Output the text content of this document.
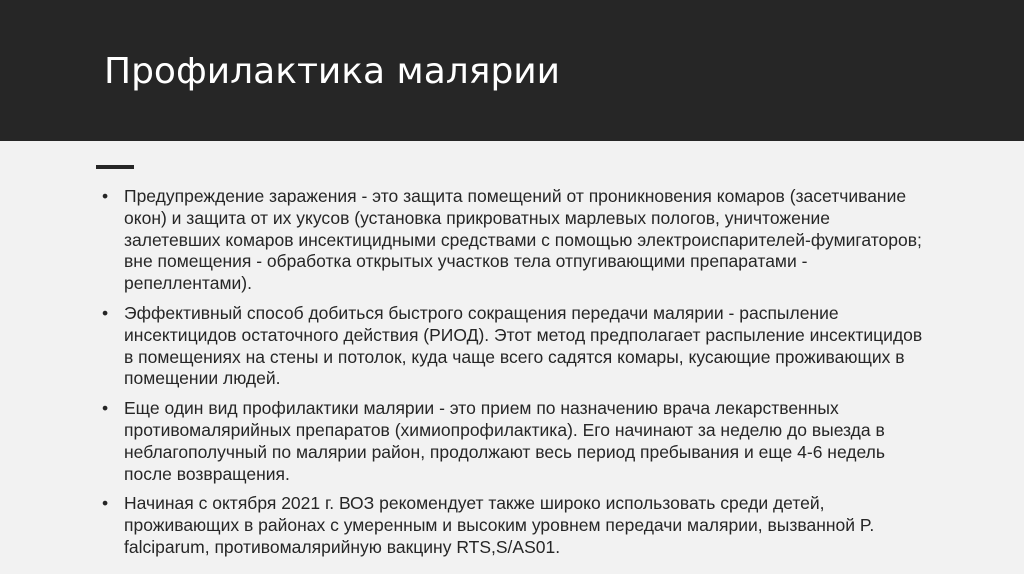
Профилактика малярии
• Предупреждение заражения - это защита помещений от проникновения комаров (засетчивание окон) и защита от их укусов (установка прикроватных марлевых пологов, уничтожение залетевших комаров инсектицидными средствами с помощью электроиспарителей-фумигаторов; вне помещения - обработка открытых участков тела отпугивающими препаратами - репеллентами).
• Эффективный способ добиться быстрого сокращения передачи малярии - распыление инсектицидов остаточного действия (РИОД). Этот метод предполагает распыление инсектицидов в помещениях на стены и потолок, куда чаще всего садятся комары, кусающие проживающих в помещении людей.
• Еще один вид профилактики малярии - это прием по назначению врача лекарственных противомалярийных препаратов (химиопрофилактика). Его начинают за неделю до выезда в неблагополучный по малярии район, продолжают весь период пребывания и еще 4-6 недель после возвращения.
• Начиная с октября 2021 г. ВОЗ рекомендует также широко использовать среди детей, проживающих в районах с умеренным и высоким уровнем передачи малярии, вызванной P. falciparum, противомалярийную вакцину RTS,S/AS01.
